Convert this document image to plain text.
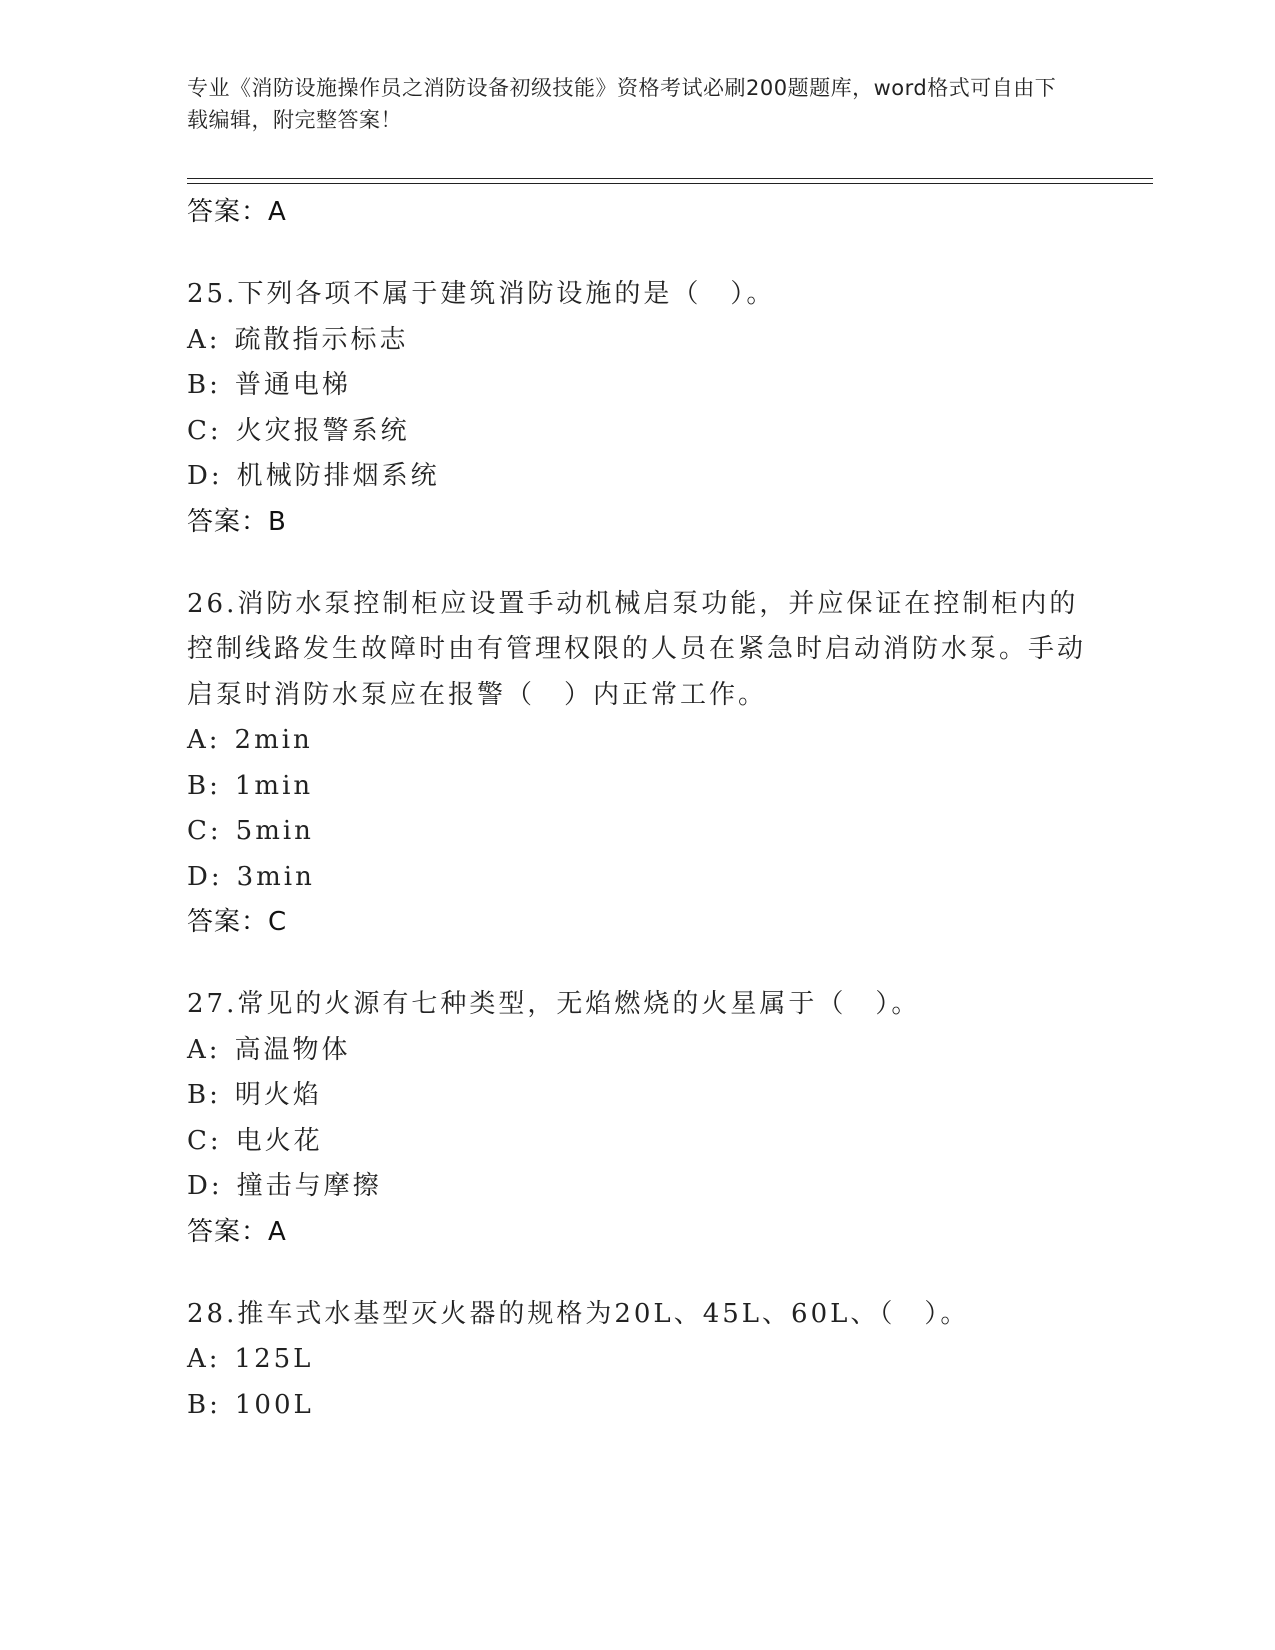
专业《消防设施操作员之消防设备初级技能》资格考试必刷200题题库，word格式可自由下载编辑，附完整答案！
答案：A
25.下列各项不属于建筑消防设施的是（　）。
A: 疏散指示标志
B: 普通电梯
C: 火灾报警系统
D: 机械防排烟系统
答案：B
26.消防水泵控制柜应设置手动机械启泵功能，并应保证在控制柜内的控制线路发生故障时由有管理权限的人员在紧急时启动消防水泵。手动启泵时消防水泵应在报警（　）内正常工作。
A: 2min
B: 1min
C: 5min
D: 3min
答案：C
27.常见的火源有七种类型，无焰燃烧的火星属于（　）。
A: 高温物体
B: 明火焰
C: 电火花
D: 撞击与摩擦
答案：A
28.推车式水基型灭火器的规格为20L、45L、60L、（　）。
A: 125L
B: 100L
